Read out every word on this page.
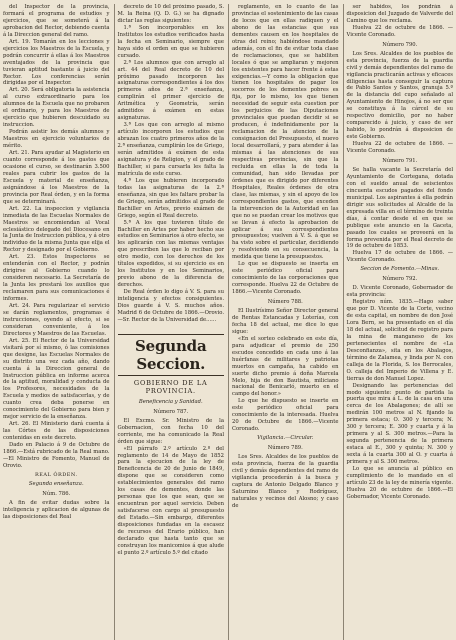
del Inspector de la provincia, formará el programa de estudios y ejercicios, que se someterá á la aprobacion del Rector, debiendo cuenta á la Direccion general del ramo.

Art. 19. Tomarán en los lecciones y ejercicios los Maestros de la Escuela, y podrán concurrir á ellas á los Maestros aventajados de la provincia que tuvieran aptitud bastante á juicio del Rector. Los conferencias serán dirigidas por el Inspector.

Art. 20. Será obligatoria la asistencia al curso extraordinario para los alumnos de la Escuela que no probaren el ordinario, y para los Maestros de ejercicio que hubieren descuidado su instruccion.

Podrán asistir los demás alumnos y Maestros en ejercicio voluntarios de mérito.

Art. 21. Para ayudar al Magisterio en cuanto corresponde á los gastos que ocasione el curso, se destinarán 3.500 reales para cubrir los gastos de la Escuela y material de enseñanza, asignándose á los Maestros de la provincia por Real órden, y en la forma que se determinará.

Art. 22. La inspeccion y vigilancia inmediata de las Escuelas Normales de Maestros se encomiendan al Vocal eclesiástico delegado del Diocesano en la Junta de Instruccion pública, y á otro individuo de la misma Junta que elija el Rector y designado por el Gobierno.

Art. 23. Estos Inspectores se entenderán con el Rector, y podrán dirigirse al Gobierno cuando lo consideren necesario. La Secretaría de la Junta les prestará los auxilios que reclamaren para sus comunicaciones é informes.

Art. 24. Para regularizar el servicio se darán reglamentos, programas é instrucciones, oyendo al efecto, si se consideran conveniente, á los Directores y Maestros de las Escuelas.

Art. 25. El Rector de la Universidad visitará por sí mismo, ó las comisiones que designe, las Escuelas Normales de su distrito una vez cada año, dando cuenta á la Direccion general de Instruccion pública en informe acerca de la aptitud, moralidad y conducta de los Profesores, necesidades de la Escuela y medios de satisfacerlas, y de cuanto crea deba ponerse en conocimiento del Gobierno para bien y mejor servicio de la enseñanza.

Art. 26. El Ministerio dará cuenta á las Córtes de las disposiciones contenidas en este decreto.

Dado en Palacio á 9 de Octubre de 1866.—Está rubricado de la Real mano.—El Ministro de Fomento, Manuel de Orovio.

REAL ÓRDEN.

Segunda enseñanza.

Núm. 786.

A fin de evitar dudas sobre la inteligencia y aplicacion de algunas de las disposiciones del Real

decreto de 10 del próximo pasado, S. M. la Reina (Q. D. G.) se ha dignado dictar las reglas siguientes:

1.ª Son incorporables en los Institutos los estudios verificados hasta la fecha en Seminario, siempre que haya sido el orden en que se hubieren cursado.

2.ª Los alumnos que con arreglo al art. 44 del Real decreto de 10 del próximo pasado incorporen las asignaturas correspondientes á los dos primeros años de 2.ª enseñanza, cumplirán el primer ejercicio de Aritmética y Geometría, serán admitidos á exámen en estas asignaturas.

3.ª Los que con arreglo al mismo artículo incorporen los estudios que abrazan los cuatro primeros años de la 2.ª enseñanza, cumplirán los de Griego, serán admitidos á exámen de esta asignatura y de Religion, y el grado de Bachiller, si para cursarla les falta la matrícula de este curso.

4.ª Los que hubieren incorporado todas las asignaturas de la 2.ª enseñanza, sin que les faltare probar la de Griego, serán admitidos al grado de Bachiller en Artes, previo exámen de Griego, según el Real decreto.

5.ª A los que tuvieren título de Bachiller en Artes por haber hecho sus estudios en Seminarios á otro efecto, se les aplicarán con las mismas ventajas que prescriben las que lo reciban por otro medio, con los derechos de los títulos expedidos, si su ejercicio es en los Institutos y en los Seminarios, previo abono de la diferencia de derechos.

De Real órden lo digo á V. S. para su inteligencia y efectos consiguientes. Dios guarde á V. S. muchos años. Madrid 6 de Octubre de 1866.—Orovio.—Sr. Rector de la Universidad de......

Segunda Seccion.

GOBIERNO DE LA PROVINCIA.

Beneficencia y Sanidad.

Número 787.

El Excmo. Sr. Ministro de la Gobernacion, con fecha 10 del corriente, me ha comunicado la Real órden que sigue:

«El párrafo 2.º artículo 2.º del reglamento de 14 de Mayo de 1852 para la ejecucion de la ley de Beneficencia de 20 de Junio de 1849, dispone que se consideren como establecimientos generales del ramo los casas de dementes, donde las personas que los que sean, que se encuentran por aquel servicio. Deben satisfacerse con cargo al presupuesto del Estado.—Sin embargo, diferentes disposiciones fundadas en la escasez de recursos del Erario público, han declarado que hasta tanto que se construyan los manicomios á que alude el punto 2.º artículo 5.º del citado

reglamento, en lo cuanto de las provincias el sostenimiento de las casas de locos que en ellas radiquen y el abono de las estancias que sus dementes causen en los hospitales de otras del reino; habiéndose mandado además, con el fin de evitar toda clase de reclamaciones, que se habiliten locales ó que se ampliaran y mejoren los existentes para hacer frente á estas exigencias.—Y como la obligacion que tienen los hospitales de pagar los socorros de los dementes pobres es fija, por lo mismo, los que tienen necesidad de seguir esta cuestion por los perjuicios de las Diputaciones provinciales que puedan decidir si se producen, é indefinidamente por la reclamacion de la atencion de la consignacion del Presupuesto, el nuevo local desarrollará, y para atender á las mismas á las atenciones de sus respectivas provincias, sin que la recluida en ellas la de toda la comunidad, han sido llevadas por órdenes que es dirigido por diferentes Hospitales, Reales órdenes de otra clase, las mismas, y sin el apoyo de los correspondientes gastos, que exceden la intervencion de la Autoridad en las que no se puedan crear los motivos que se llevan á efecto la aprobacion de aplicar á sus correspondientes presupuestos; vuelven á V. S. á que se ha visto sobre el particular, decidiendo y resolviendo en su consecuencia, la medida que tiene la presupuestos.

Lo que se dispuesto se inserta en este periódico oficial para conocimiento de las corporaciones que corresponde. Huelva 22 de Octubre de 1866.—Vicente Coronado.

Número 788.

El Ilustrísimo Señor Director general de Rentas Estancadas y Loterías, con fecha 18 del actual, me dice lo que sigue:

«En el sorteo celebrado en este día, para adjudicar el premio de 250 escudos concedido en cada uno á las huérfanas de militares y patriotas muertos en campaña, ha cabido en suerte dicho premio á doña Marcela Melo, hija de don Bautista, miliciano nacional de Benicarló, muerto en el campo del honor.»

Lo que he dispuesto se inserte en este periódico oficial para conocimiento de la interesada. Huelva 20 de Octubre de 1866.—Vicente Coronado.

Vigilancia.—Circular.

Número 789.

Los Sres. Alcaldes de los pueblos de esta provincia, fuerza de la guardia civil y demás dependientes del ramo de vigilancia procederán á la busca y captura de Antonio Delgado Blanco y Saturnino Blanco y Rodríguez, naturales y vecinos del Alosno; y caso de

ser habidos, los pondrán á disposicion del Juzgado de Valverde del Camino que los reclama.

Huelva 22 de octubre de 1866. —Vicente Coronado.

Número 790.

Los Sres. Alcaldes de los pueblos de esta provincia, fuerza de la guardia civil y demás dependientes del ramo de vigilancia practicarán activas y eficaces diligencias hasta conseguir la captura de Pablo Santos y Santos, granuja 5.º de la distancia del cupo señalado al Ayuntamiento de Hinojos, á no ser que se constituya á la cárcel de su respectivo domicilio, por no haber comparecido á juicio, y caso de ser habido, lo pondrán á disposicion de este Gobierno.

Huelva 22 de octubre de 1866. —Vicente Coronado.

Número 791.

Se halla vacante la Secretaría del Ayuntamiento de Cortegana, dotada con el sueldo anual de seiscientos cincuenta escudos pagados del fondo municipal. Los aspirantes á ella podrán dirigir sus solicitudes al Alcalde de la expresada villa en el término de treinta días, á contar desde el en que se publique este anuncio en la Gaceta, pasado los cuales se proveerá en la forma prevenida por el Real decreto de 19 de octubre de 1853.

Huelva 17 de octubre de 1866. —Vicente Coronado.

Seccion de Fomento.—Minas.

Número 792.

D. Vicente Coronado, Gobernador de esta provincia:

Registro núm. 1835.—Hago saber que por D. Vicente de la Corte, vecino de esta capital, en nombre de don José Lora Bern, se ha presentado en el día 18 del actual, solicitud de registro para la mina de manganeso de los pertenecientes el nombre de «La Desconfianza», sita en los Abalagos, término de Zalamea, y linda por N. con calleja de la Florida, S. los Berrocales, O. calleja del Imperio de Villena y E. tierras de don Manuel Lopez.

Designando las pertenencias del modo siguiente: punto de partida la puerta que mira á L. de la casa en una cerca de los Abalagones; de allí se medirán 100 metros al N. fijando la primera estaca; O. 300 y tercera; N. 300 y tercera; E. 300 y cuarta y á la primera y al S. 300 metros.—Para la segunda pertenencia de la primera estaca al E., 300 y quinta; N. 300 y sexta á la cuarta 300 al O. y cuarta á primera y al S. 300 metros.

Lo que se anuncia al público en cumplimiento de lo mandado en el artículo 23 de la ley de minería vigente. Huelva 20 de octubre de 1866.—El Gobernador, Vicente Coronado.
